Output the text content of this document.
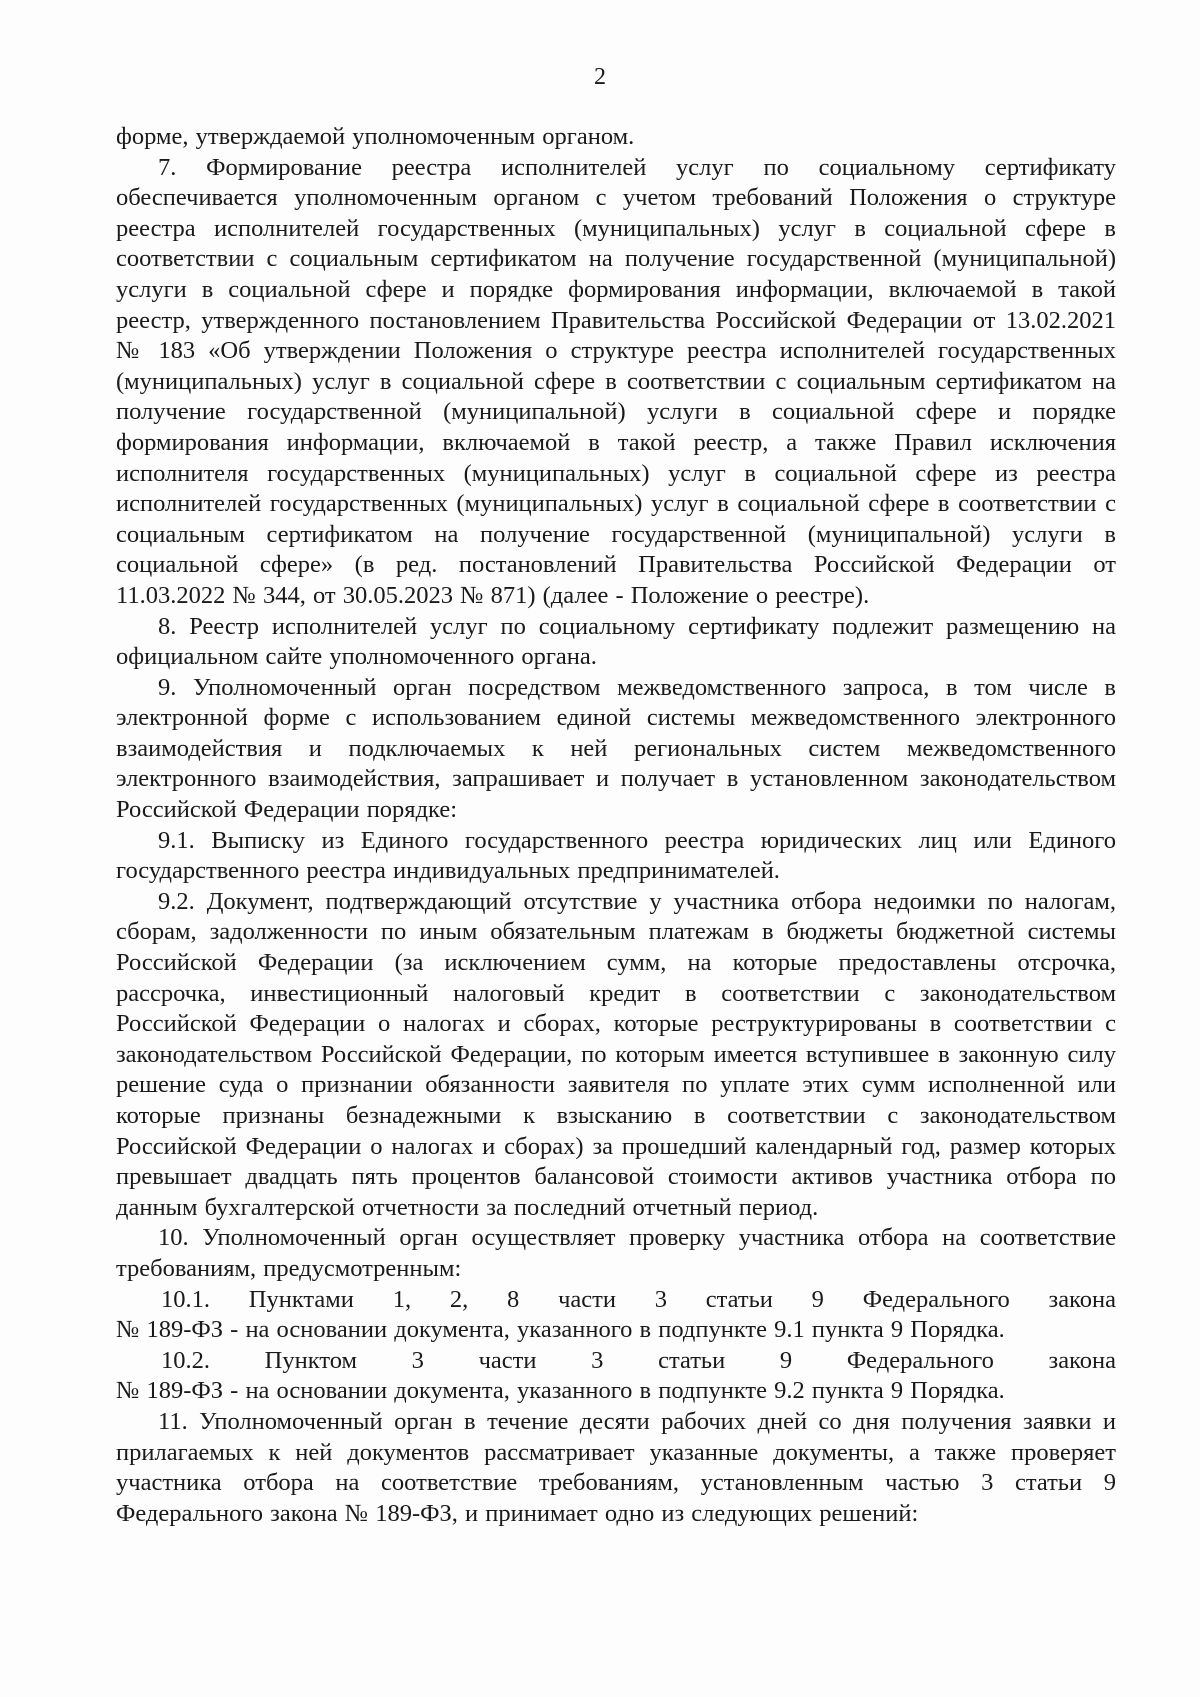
2

форме, утверждаемой уполномоченным органом.

7. Формирование реестра исполнителей услуг по социальному сертификату обеспечивается уполномоченным органом с учетом требований Положения о структуре реестра исполнителей государственных (муниципальных) услуг в социальной сфере в соответствии с социальным сертификатом на получение государственной (муниципальной) услуги в социальной сфере и порядке формирования информации, включаемой в такой реестр, утвержденного постановлением Правительства Российской Федерации от 13.02.2021 № 183 «Об утверждении Положения о структуре реестра исполнителей государственных (муниципальных) услуг в социальной сфере в соответствии с социальным сертификатом на получение государственной (муниципальной) услуги в социальной сфере и порядке формирования информации, включаемой в такой реестр, а также Правил исключения исполнителя государственных (муниципальных) услуг в социальной сфере из реестра исполнителей государственных (муниципальных) услуг в социальной сфере в соответствии с социальным сертификатом на получение государственной (муниципальной) услуги в социальной сфере» (в ред. постановлений Правительства Российской Федерации от 11.03.2022 № 344, от 30.05.2023 № 871) (далее - Положение о реестре).

8. Реестр исполнителей услуг по социальному сертификату подлежит размещению на официальном сайте уполномоченного органа.

9. Уполномоченный орган посредством межведомственного запроса, в том числе в электронной форме с использованием единой системы межведомственного электронного взаимодействия и подключаемых к ней региональных систем межведомственного электронного взаимодействия, запрашивает и получает в установленном законодательством Российской Федерации порядке:

9.1. Выписку из Единого государственного реестра юридических лиц или Единого государственного реестра индивидуальных предпринимателей.

9.2. Документ, подтверждающий отсутствие у участника отбора недоимки по налогам, сборам, задолженности по иным обязательным платежам в бюджеты бюджетной системы Российской Федерации (за исключением сумм, на которые предоставлены отсрочка, рассрочка, инвестиционный налоговый кредит в соответствии с законодательством Российской Федерации о налогах и сборах, которые реструктурированы в соответствии с законодательством Российской Федерации, по которым имеется вступившее в законную силу решение суда о признании обязанности заявителя по уплате этих сумм исполненной или которые признаны безнадежными к взысканию в соответствии с законодательством Российской Федерации о налогах и сборах) за прошедший календарный год, размер которых превышает двадцать пять процентов балансовой стоимости активов участника отбора по данным бухгалтерской отчетности за последний отчетный период.

10. Уполномоченный орган осуществляет проверку участника отбора на соответствие требованиям, предусмотренным:

10.1. Пунктами 1, 2, 8 части 3 статьи 9 Федерального закона

№ 189-ФЗ - на основании документа, указанного в подпункте 9.1 пункта 9 Порядка.

10.2. Пунктом 3 части 3 статьи 9 Федерального закона

№ 189-ФЗ - на основании документа, указанного в подпункте 9.2 пункта 9 Порядка.

11. Уполномоченный орган в течение десяти рабочих дней со дня получения заявки и прилагаемых к ней документов рассматривает указанные документы, а также проверяет участника отбора на соответствие требованиям, установленным частью 3 статьи 9 Федерального закона № 189-ФЗ, и принимает одно из следующих решений:
